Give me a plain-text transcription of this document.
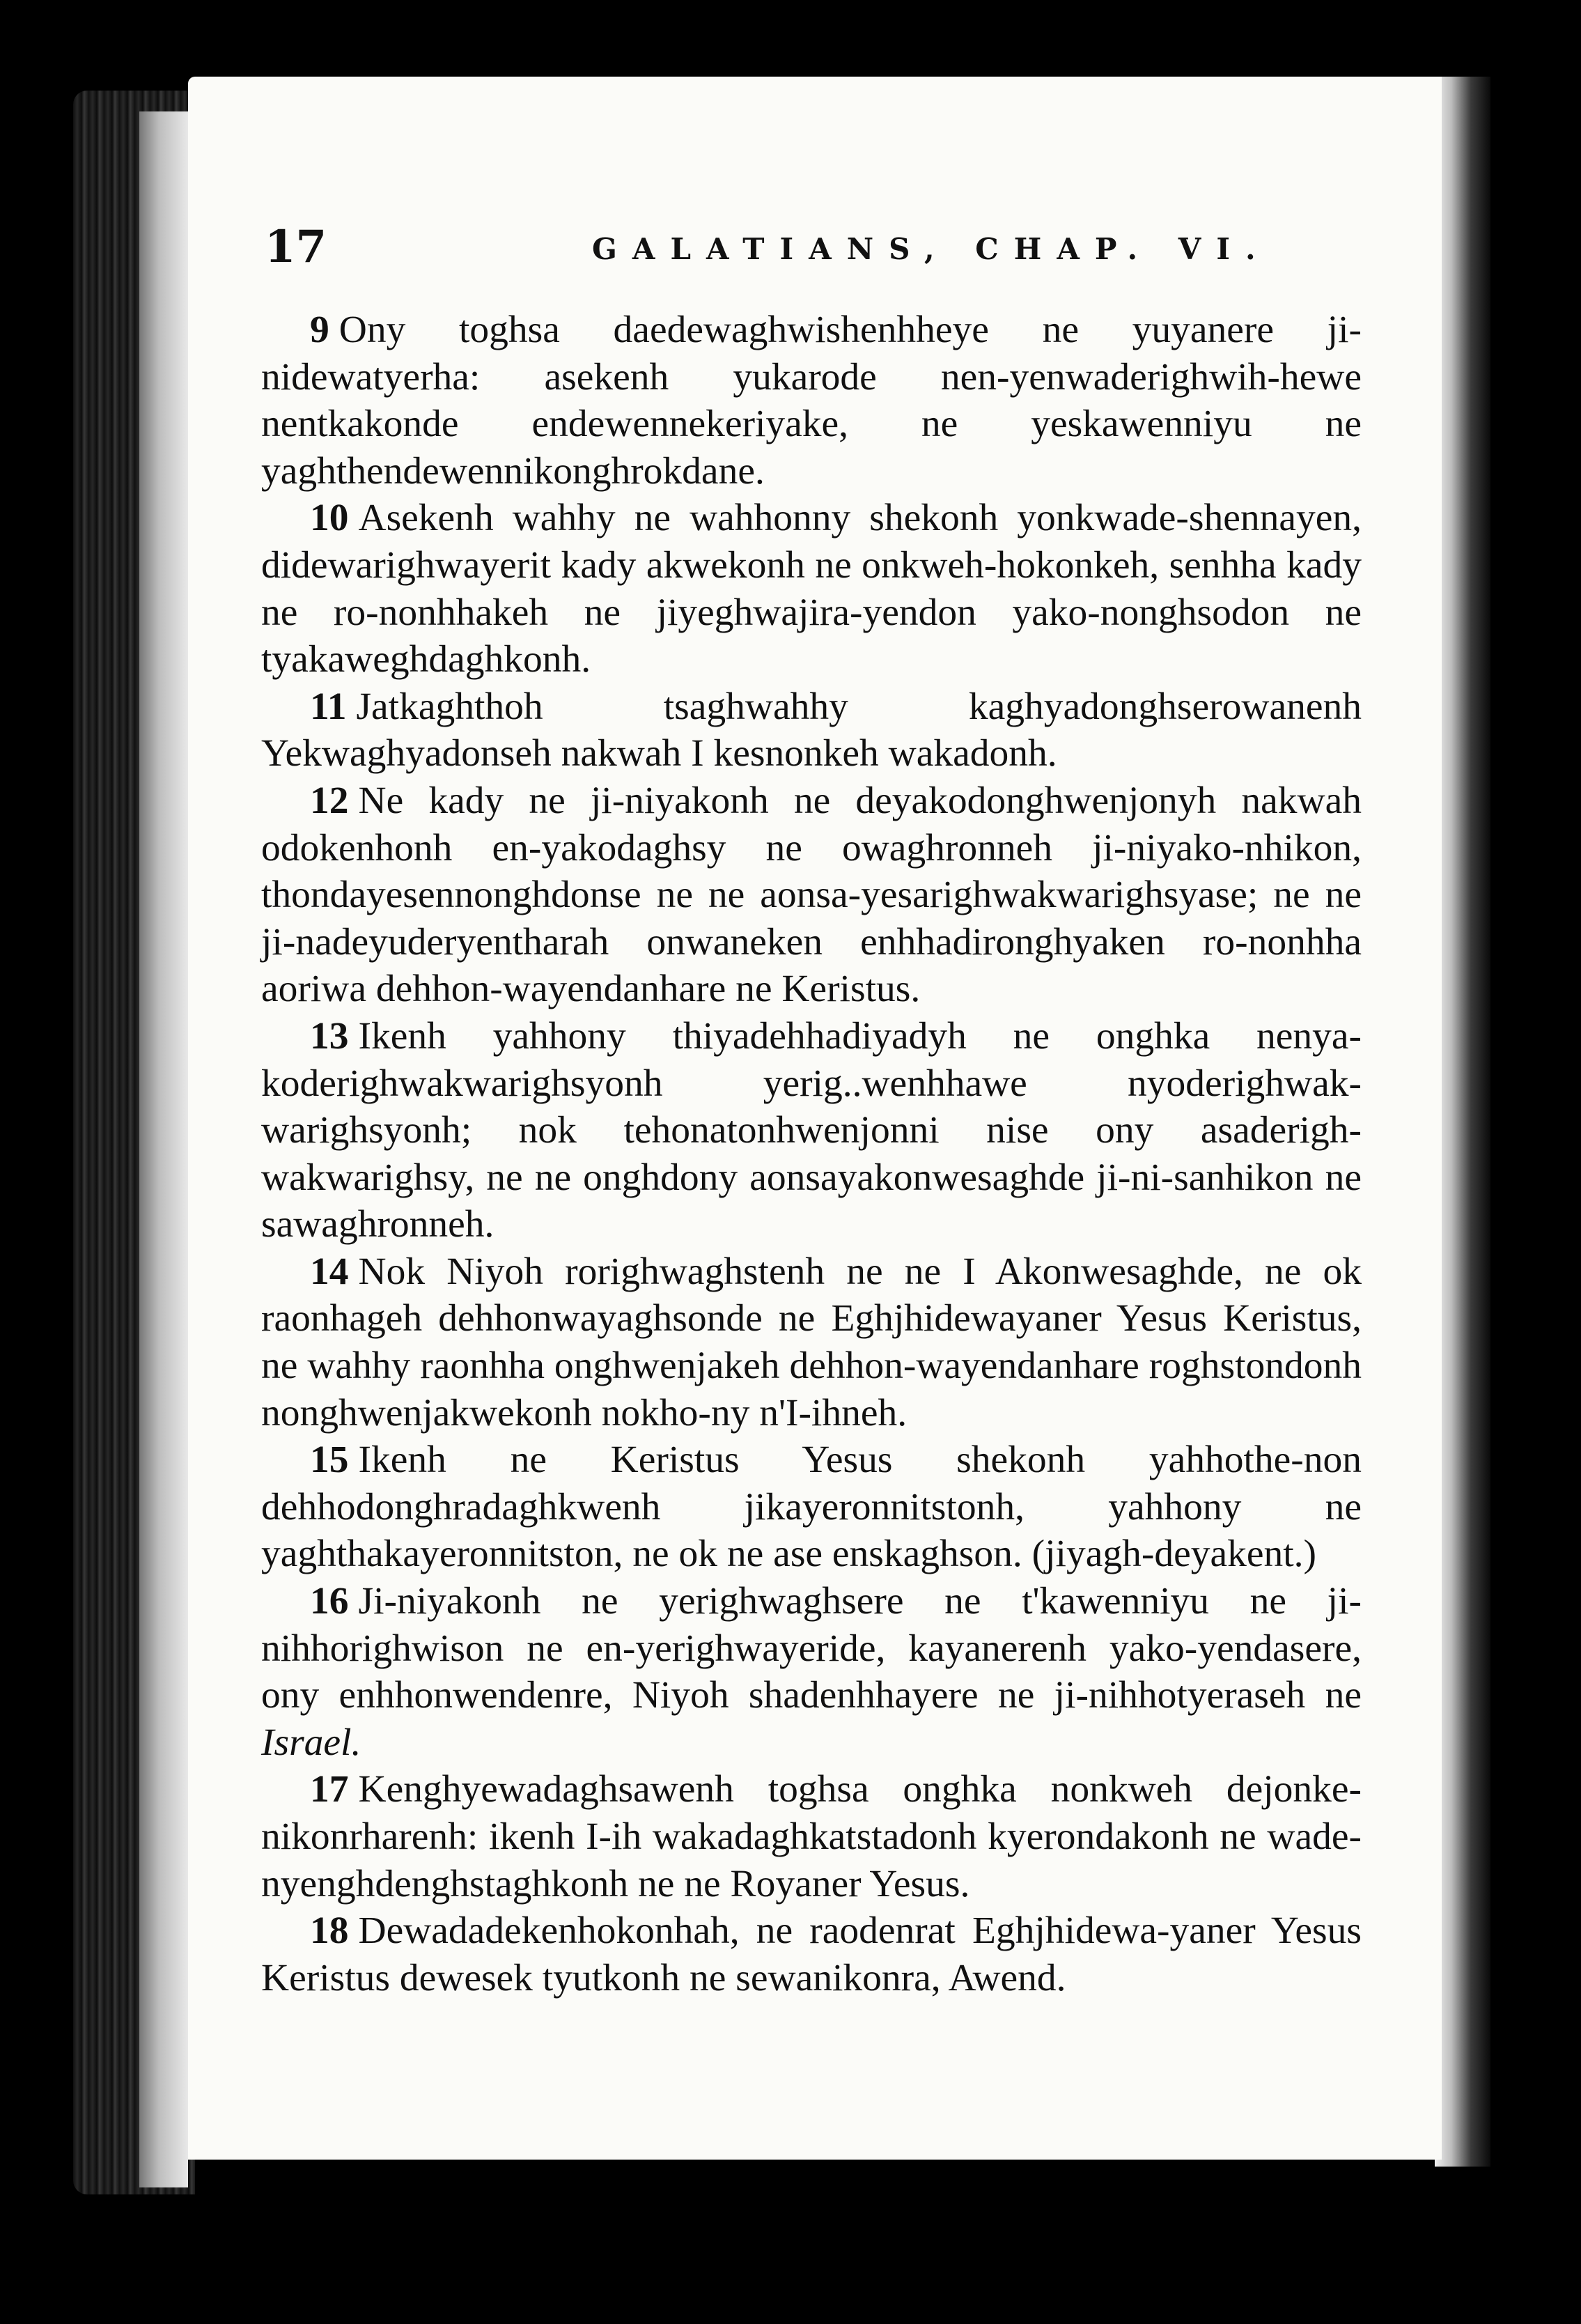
17	GALATIANS, CHAP. VI.

9 Ony toghsa daedewaghwishenhheye ne yuyanere ji-nidewatyerha: asekenh yukarode nen-yenwaderighwih-hewe nentkakonde endewennekeriyake, ne yeskawenniyu ne yaghthendewennikonghrokdane.

10 Asekenh wahhy ne wahhonny shekonh yonkwade-shennayen, didewarighwayerit kady akwekonh ne onkweh-hokonkeh, senhha kady ne ro-nonhhakeh ne jiyeghwajira-yendon yako-nonghsodon ne tyakaweghdaghkonh.

11 Jatkaghthoh tsaghwahhy kaghyadonghserowanenh Yekwaghyadonseh nakwah I kesnonkeh wakadonh.

12 Ne kady ne ji-niyakonh ne deyakodonghwenjonyh nakwah odokenhonh en-yakodaghsy ne owaghronneh ji-niyako-nhikon, thondayesennonghdonse ne ne aonsa-yesarighwakwarighsyase; ne ne ji-nadeyuderyentharah onwaneken enhhadironghyaken ro-nonhha aoriwa dehhon-wayendanhare ne Keristus.

13 Ikenh yahhony thiyadehhadiyadyh ne onghka nenya-koderighwakwarighsyonh yerig..wenhhawe nyoderighwak-warighsyonh; nok tehonatonhwenjonni nise ony asaderigh-wakwarighsy, ne ne onghdony aonsayakonwesaghde ji-ni-sanhikon ne sawaghronneh.

14 Nok Niyoh rorighwaghstenh ne ne I Akonwesaghde, ne ok raonhageh dehhonwayaghsonde ne Eghjhidewayaner Yesus Keristus, ne wahhy raonhha onghwenjakeh dehhon-wayendanhare roghstondonh nonghwenjakwekonh nokho-ny n'I-ihneh.

15 Ikenh ne Keristus Yesus shekonh yahhothe-non dehhodonghradaghkwenh jikayeronnitstonh, yahhony ne yaghthakayeronnitston, ne ok ne ase enskaghson. (jiyagh-deyakent.)

16 Ji-niyakonh ne yerighwaghsere ne t'kawenniyu ne ji-nihhorighwison ne en-yerighwayeride, kayanerenh yako-yendasere, ony enhhonwendenre, Niyoh shadenhhayere ne ji-nihhotyeraseh ne Israel.

17 Kenghyewadaghsawenh toghsa onghka nonkweh dejonke-nikonrharenh: ikenh I-ih wakadaghkatstadonh kyerondakonh ne wade-nyenghdenghstaghkonh ne ne Royaner Yesus.

18 Dewadadekenhokonhah, ne raodenrat Eghjhidewa-yaner Yesus Keristus dewesek tyutkonh ne sewanikonra, Awend.
